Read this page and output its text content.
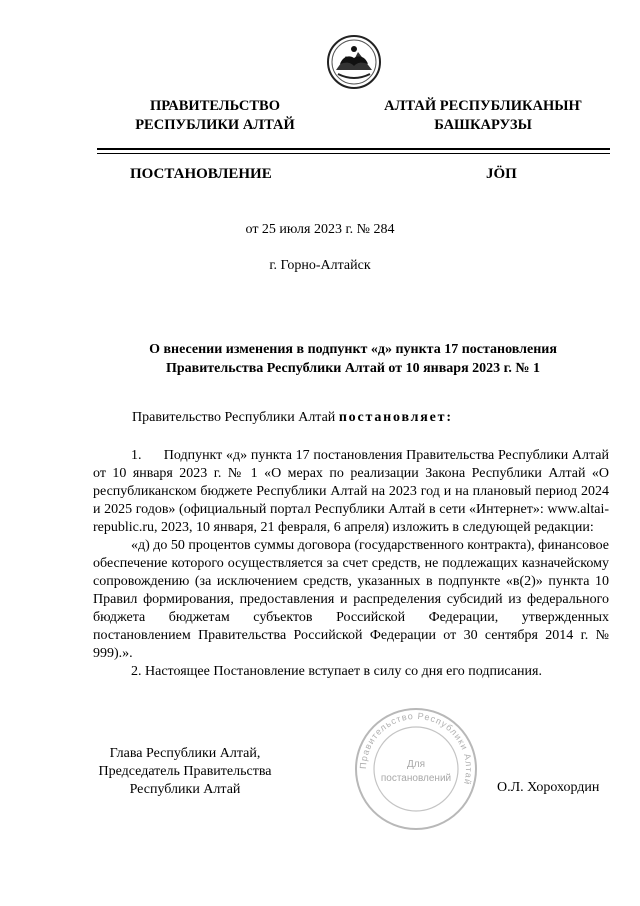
ПРАВИТЕЛЬСТВО
РЕСПУБЛИКИ АЛТАЙ
АЛТАЙ РЕСПУБЛИКАНЫҤ
БАШКАРУЗЫ
ПОСТАНОВЛЕНИЕ	JÖП
от 25 июля 2023 г. № 284
г. Горно-Алтайск
О внесении изменения в подпункт «д» пункта 17 постановления
Правительства Республики Алтай от 10 января 2023 г. № 1
Правительство Республики Алтай постановляет:

1.      Подпункт «д» пункта 17 постановления Правительства Республики Алтай от 10 января 2023 г. № 1 «О мерах по реализации Закона Республики Алтай «О республиканском бюджете Республики Алтай на 2023 год и на плановый период 2024 и 2025 годов» (официальный портал Республики Алтай в сети «Интернет»: www.altai-republic.ru, 2023, 10 января, 21 февраля, 6 апреля) изложить в следующей редакции:

«д) до 50 процентов суммы договора (государственного контракта), финансовое обеспечение которого осуществляется за счет средств, не подлежащих казначейскому сопровождению (за исключением средств, указанных в подпункте «в(2)» пункта 10 Правил формирования, предоставления и распределения субсидий из федерального бюджета бюджетам субъектов Российской Федерации, утвержденных постановлением Правительства Российской Федерации от 30 сентября 2014 г. № 999).».

2. Настоящее Постановление вступает в силу со дня его подписания.

Глава Республики Алтай,
Председатель Правительства
Республики Алтай
Правительство Республики Алтай
Для
постановлений
О.Л. Хорохордин
